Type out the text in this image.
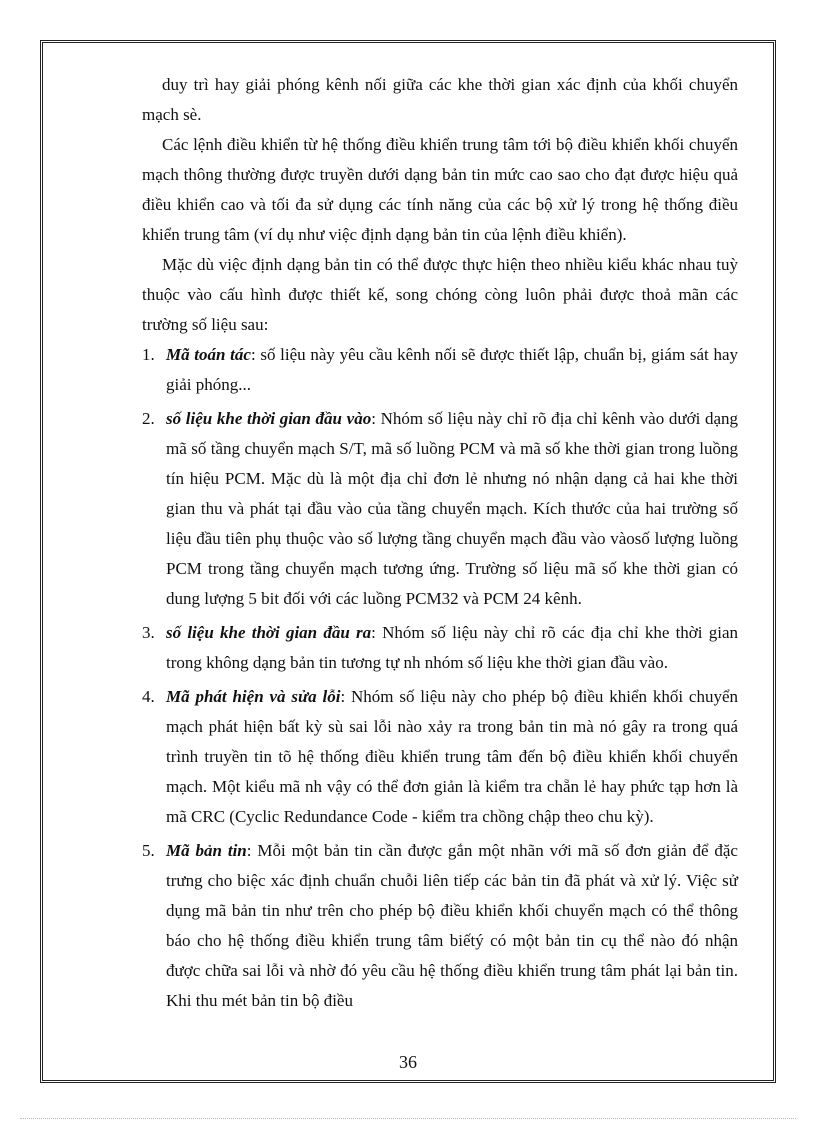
duy trì hay giải phóng kênh nối giữa các khe thời gian xác định của khối chuyển mạch sè.

Các lệnh điều khiển từ hệ thống điều khiển trung tâm tới bộ điều khiển khối chuyển mạch thông thường được truyền dưới dạng bản tin mức cao sao cho đạt được hiệu quả điều khiển cao và tối đa sử dụng các tính năng của các bộ xử lý trong hệ thống điều khiển trung tâm (ví dụ như việc định dạng bản tin của lệnh điều khiển).

Mặc dù việc định dạng bản tin có thể được thực hiện theo nhiều kiểu khác nhau tuỳ thuộc vào cấu hình được thiết kế, song chóng còng luôn phải được thoả mãn các trường số liệu sau:

1. Mã toán tác: số liệu này yêu cầu kênh nối sẽ được thiết lập, chuẩn bị, giám sát hay giải phóng...
2. số liệu khe thời gian đầu vào: Nhóm số liệu này chỉ rõ địa chỉ kênh vào dưới dạng mã số tầng chuyển mạch S/T, mã số luồng PCM và mã số khe thời gian trong luồng tín hiệu PCM. Mặc dù là một địa chỉ đơn lẻ nhưng nó nhận dạng cả hai khe thời gian thu và phát tại đầu vào của tầng chuyển mạch. Kích thước của hai trường số liệu đầu tiên phụ thuộc vào số lượng tầng chuyển mạch đầu vào vàosố lượng luồng PCM trong tầng chuyển mạch tương ứng. Trường số liệu mã số khe thời gian có dung lượng 5 bit đối với các luồng PCM32 và PCM 24 kênh.
3. số liệu khe thời gian đầu ra: Nhóm số liệu này chỉ rõ các địa chỉ khe thời gian trong không dạng bản tin tương tự nh nhóm số liệu khe thời gian đầu vào.
4. Mã phát hiện và sửa lỗi: Nhóm số liệu này cho phép bộ điều khiển khối chuyển mạch phát hiện bất kỳ sù sai lỗi nào xảy ra trong bản tin mà nó gây ra trong quá trình truyền tin tõ hệ thống điều khiển trung tâm đến bộ điều khiển khối chuyển mạch. Một kiểu mã nh vậy có thể đơn giản là kiểm tra chẵn lẻ hay phức tạp hơn là mã CRC (Cyclic Redundance Code - kiểm tra chồng chập theo chu kỳ).
5. Mã bản tin: Mỗi một bản tin cần được gắn một nhãn với mã số đơn giản để đặc trưng cho biệc xác định chuẩn chuỗi liên tiếp các bản tin đã phát và xử lý. Việc sử dụng mã bản tin như trên cho phép bộ điều khiển khối chuyển mạch có thể thông báo cho hệ thống điều khiển trung tâm biếtý có một bản tin cụ thể nào đó nhận được chữa sai lỗi và nhờ đó yêu cầu hệ thống điều khiển trung tâm phát lại bản tin. Khi thu mét bản tin bộ điều
36
